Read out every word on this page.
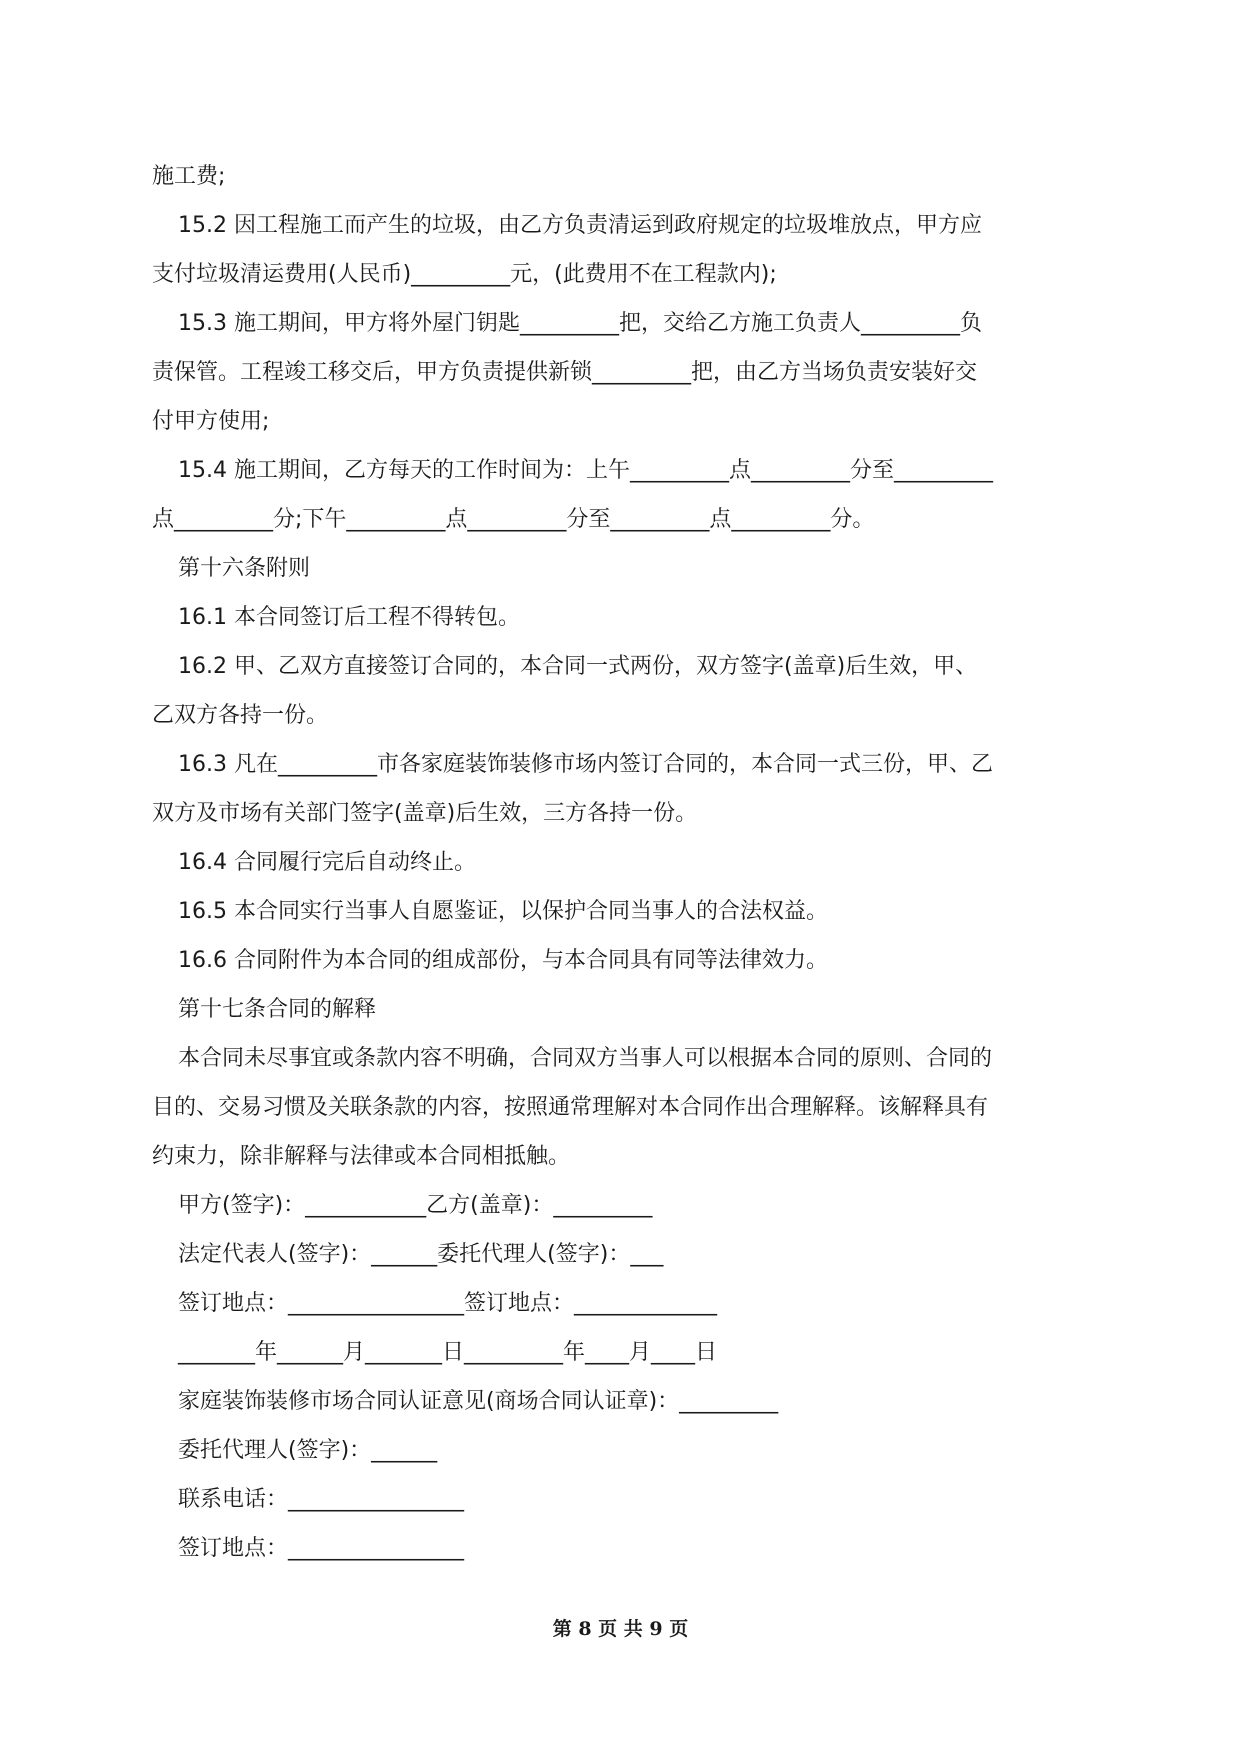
施工费;

15.2 因工程施工而产生的垃圾，由乙方负责清运到政府规定的垃圾堆放点，甲方应

支付垃圾清运费用(人民币)_________元，(此费用不在工程款内);

15.3 施工期间，甲方将外屋门钥匙_________把，交给乙方施工负责人_________负

责保管。工程竣工移交后，甲方负责提供新锁_________把，由乙方当场负责安装好交

付甲方使用;

15.4 施工期间，乙方每天的工作时间为：上午_________点_________分至_________

点_________分;下午_________点_________分至_________点_________分。

第十六条附则

16.1 本合同签订后工程不得转包。

16.2 甲、乙双方直接签订合同的，本合同一式两份，双方签字(盖章)后生效，甲、

乙双方各持一份。

16.3 凡在_________市各家庭装饰装修市场内签订合同的，本合同一式三份，甲、乙

双方及市场有关部门签字(盖章)后生效，三方各持一份。

16.4 合同履行完后自动终止。

16.5 本合同实行当事人自愿鉴证，以保护合同当事人的合法权益。

16.6 合同附件为本合同的组成部份，与本合同具有同等法律效力。

第十七条合同的解释

本合同未尽事宜或条款内容不明确，合同双方当事人可以根据本合同的原则、合同的

目的、交易习惯及关联条款的内容，按照通常理解对本合同作出合理解释。该解释具有

约束力，除非解释与法律或本合同相抵触。

甲方(签字)：___________乙方(盖章)：_________

法定代表人(签字)：______委托代理人(签字)：___

签订地点：________________签订地点：_____________

_______年______月_______日_________年____月____日

家庭装饰装修市场合同认证意见(商场合同认证章)：_________

委托代理人(签字)：______

联系电话：________________

签订地点：________________

第 8 页 共 9 页
